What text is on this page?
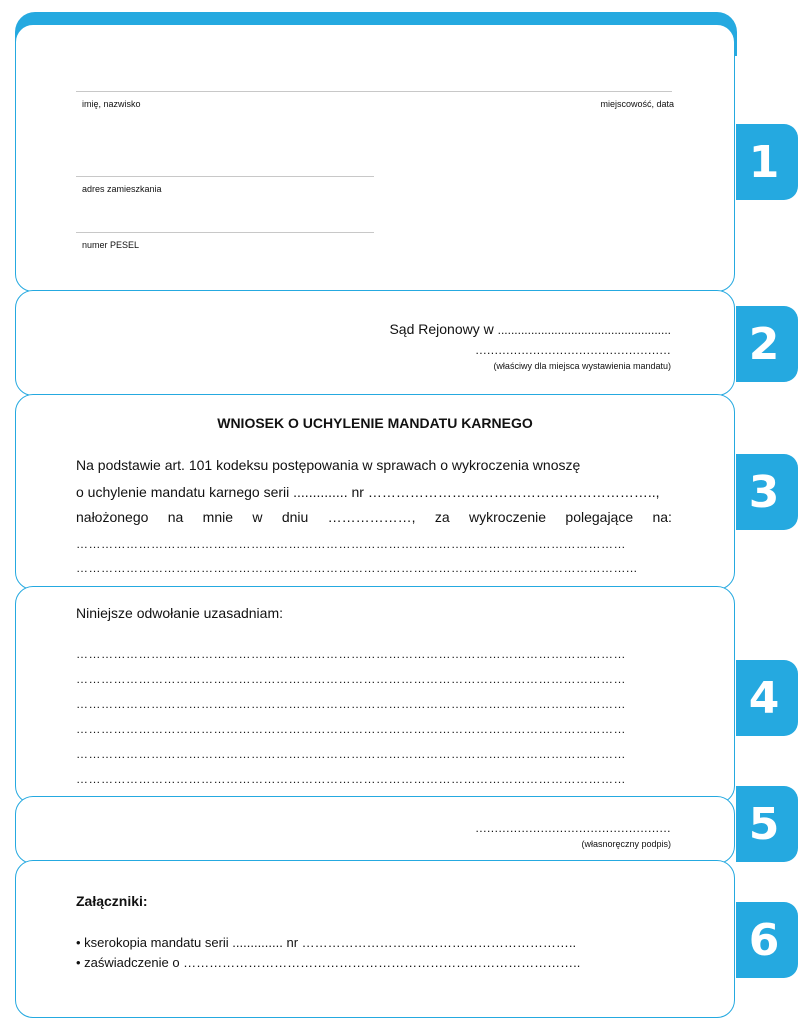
imię, nazwisko	miejscowość, data
adres zamieszkania
numer PESEL
Sąd Rejonowy w ....................................................
...................................................
(właściwy dla miejsca wystawienia mandatu)
WNIOSEK O UCHYLENIE MANDATU KARNEGO
Na podstawie art. 101 kodeksu postępowania w sprawach o wykroczenia wnoszę
o uchylenie mandatu karnego serii .............. nr ……………………………………………………..,
nałożonego na mnie w dniu ………………, za wykroczenie polegające na:
……………………………………………………………………………………………………………………
……………………………………………………………………………………………………………………...
Niniejsze odwołanie uzasadniam:
……………………………………………………………………………………………………………………
……………………………………………………………………………………………………………………
……………………………………………………………………………………………………………………
……………………………………………………………………………………………………………………
……………………………………………………………………………………………………………………
……………………………………………………………………………………………………………………
...................................................
(własnoręczny podpis)
Załączniki:
• kserokopia mandatu serii .............. nr ………………………..……………………………..
• zaświadczenie o ………………………………………………………………………………..
1
2
3
4
5
6
